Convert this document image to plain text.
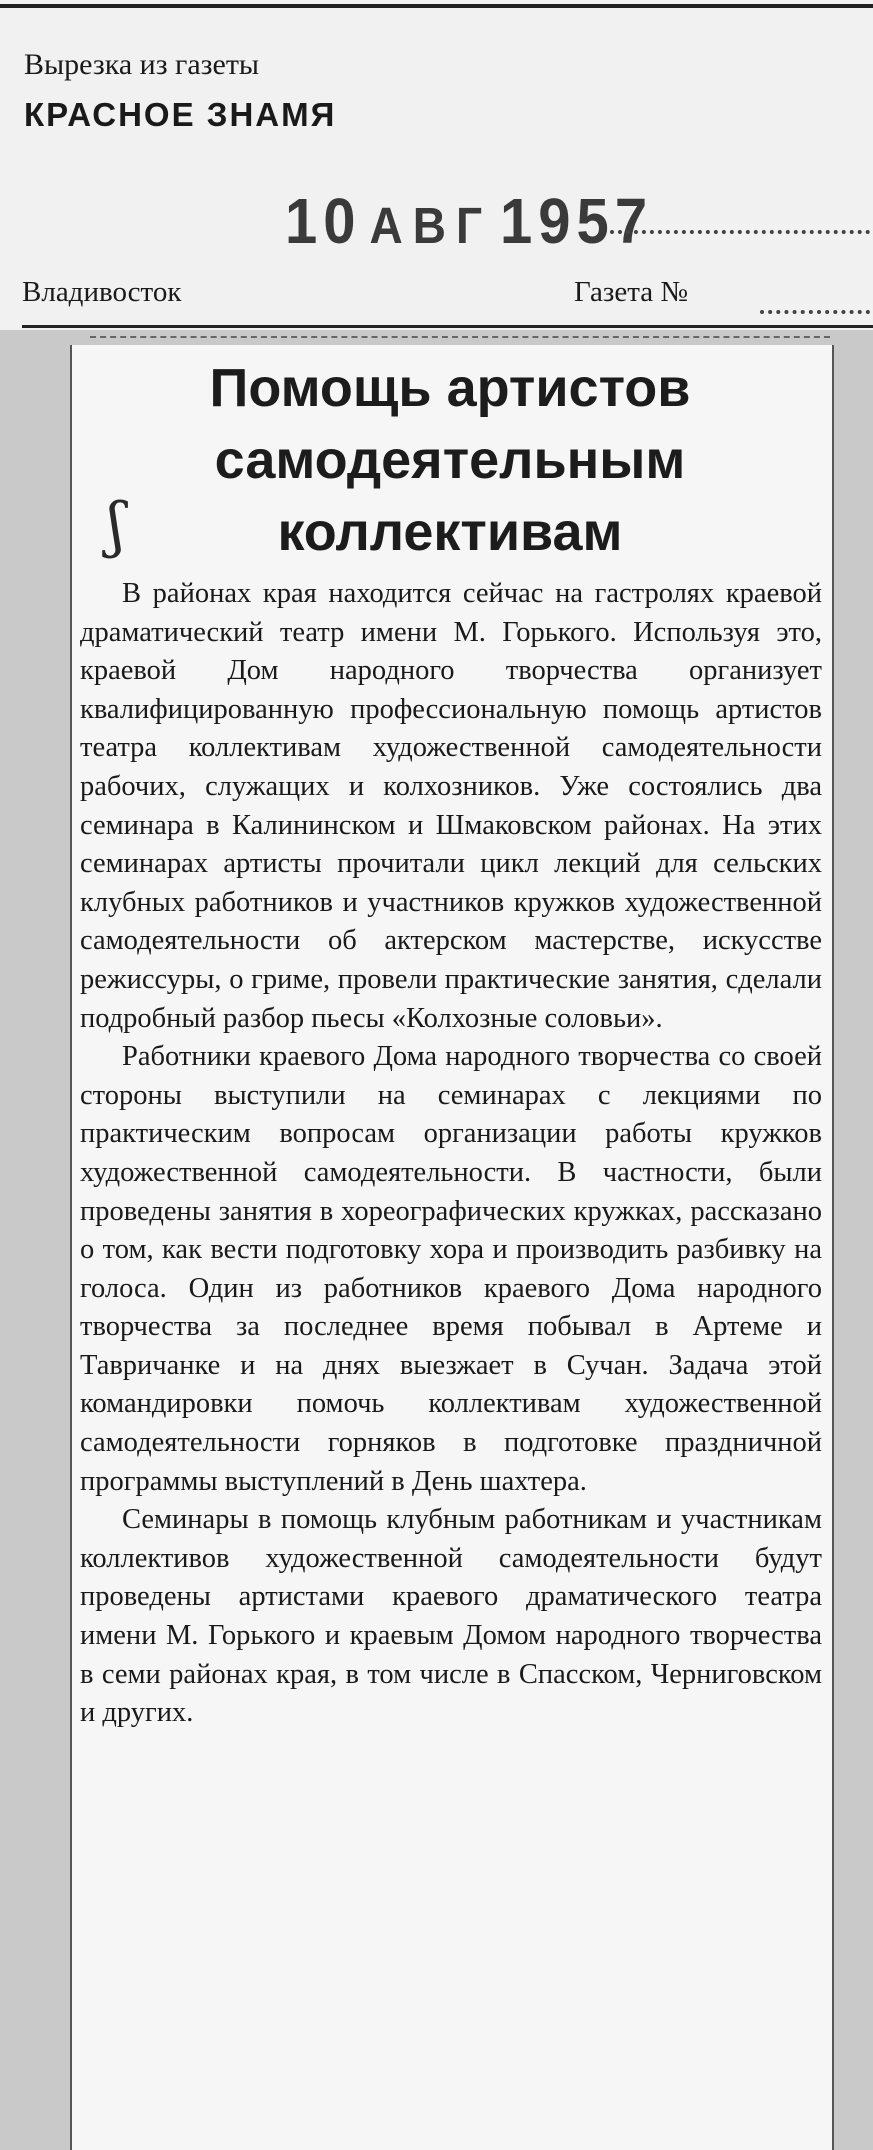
Вырезка из газеты
КРАСНОЕ ЗНАМЯ
10 АВГ 1957
Владивосток	Газета №
Помощь артистов
самодеятельным
коллективам
ʃ

В районах края находится сейчас на гастролях краевой драматический театр имени М. Горького. Используя это, краевой Дом народного творчества организует квалифицированную профессиональную помощь артистов театра коллективам художественной самодеятельности рабочих, служащих и колхозников. Уже состоялись два семинара в Калининском и Шмаковском районах. На этих семинарах артисты прочитали цикл лекций для сельских клубных работников и участников кружков художественной самодеятельности об актерском мастерстве, искусстве режиссуры, о гриме, провели практические занятия, сделали подробный разбор пьесы «Колхозные соловьи».

Работники краевого Дома народного творчества со своей стороны выступили на семинарах с лекциями по практическим вопросам организации работы кружков художественной самодеятельности. В частности, были проведены занятия в хореографических кружках, рассказано о том, как вести подготовку хора и производить разбивку на голоса. Один из работников краевого Дома народного творчества за последнее время побывал в Артеме и Тавричанке и на днях выезжает в Сучан. Задача этой командировки помочь коллективам художественной самодеятельности горняков в подготовке праздничной программы выступлений в День шахтера.

Семинары в помощь клубным работникам и участникам коллективов художественной самодеятельности будут проведены артистами краевого драматического театра имени М. Горького и краевым Домом народного творчества в семи районах края, в том числе в Спасском, Черниговском и других.
